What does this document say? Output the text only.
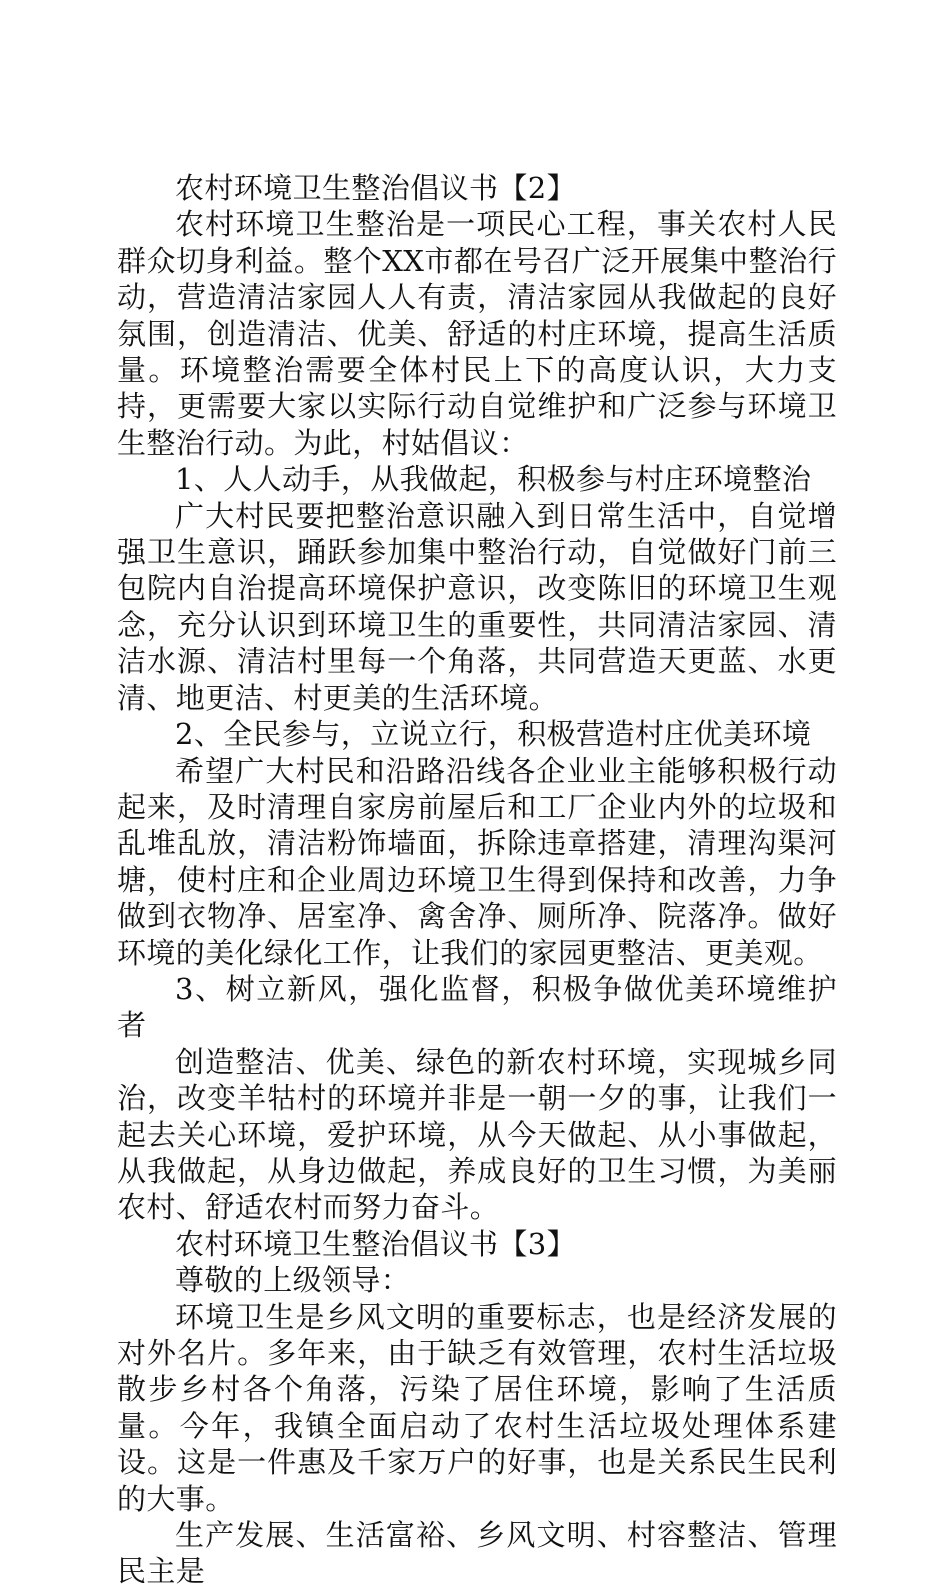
农村环境卫生整治倡议书【2】

农村环境卫生整治是一项民心工程，事关农村人民群众切身利益。整个XX市都在号召广泛开展集中整治行动，营造清洁家园人人有责，清洁家园从我做起的良好氛围，创造清洁、优美、舒适的村庄环境，提高生活质量。环境整治需要全体村民上下的高度认识，大力支持，更需要大家以实际行动自觉维护和广泛参与环境卫生整治行动。为此，村姑倡议：

1、人人动手，从我做起，积极参与村庄环境整治

广大村民要把整治意识融入到日常生活中，自觉增强卫生意识，踊跃参加集中整治行动，自觉做好门前三包院内自治提高环境保护意识，改变陈旧的环境卫生观念，充分认识到环境卫生的重要性，共同清洁家园、清洁水源、清洁村里每一个角落，共同营造天更蓝、水更清、地更洁、村更美的生活环境。

2、全民参与，立说立行，积极营造村庄优美环境

希望广大村民和沿路沿线各企业业主能够积极行动起来，及时清理自家房前屋后和工厂企业内外的垃圾和乱堆乱放，清洁粉饰墙面，拆除违章搭建，清理沟渠河塘，使村庄和企业周边环境卫生得到保持和改善，力争做到衣物净、居室净、禽舍净、厕所净、院落净。做好环境的美化绿化工作，让我们的家园更整洁、更美观。

3、树立新风，强化监督，积极争做优美环境维护者

创造整洁、优美、绿色的新农村环境，实现城乡同治，改变羊牯村的环境并非是一朝一夕的事，让我们一起去关心环境，爱护环境，从今天做起、从小事做起，从我做起，从身边做起，养成良好的卫生习惯，为美丽农村、舒适农村而努力奋斗。

农村环境卫生整治倡议书【3】

尊敬的上级领导：

环境卫生是乡风文明的重要标志，也是经济发展的对外名片。多年来，由于缺乏有效管理，农村生活垃圾散步乡村各个角落，污染了居住环境，影响了生活质量。今年，我镇全面启动了农村生活垃圾处理体系建设。这是一件惠及千家万户的好事，也是关系民生民利的大事。

生产发展、生活富裕、乡风文明、村容整洁、管理民主是
